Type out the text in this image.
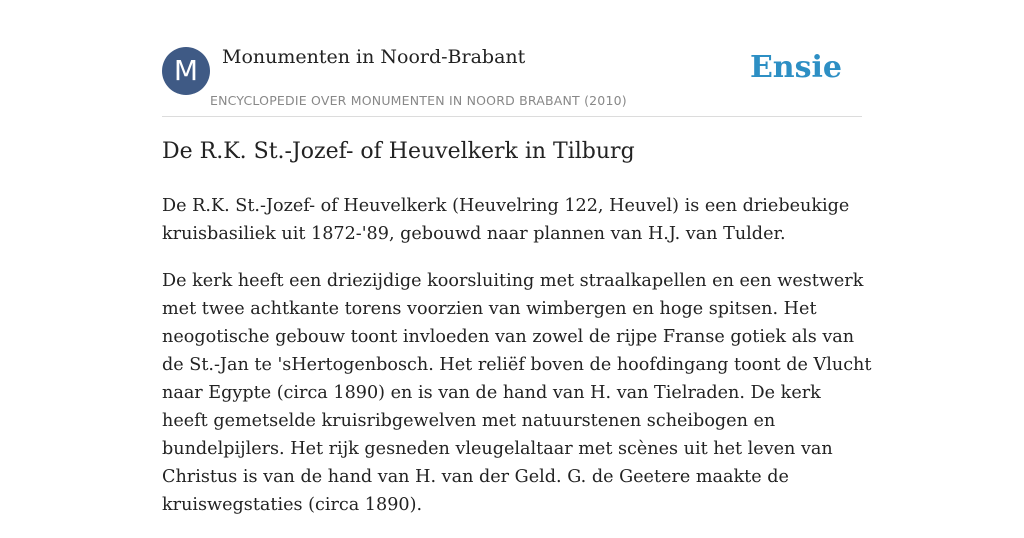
M	Monumenten in Noord-Brabant
ENCYCLOPEDIE OVER MONUMENTEN IN NOORD BRABANT (2010)
Ensie
De R.K. St.-Jozef- of Heuvelkerk in Tilburg

De R.K. St.-Jozef- of Heuvelkerk (Heuvelring 122, Heuvel) is een driebeukige kruisbasiliek uit 1872-'89, gebouwd naar plannen van H.J. van Tulder.

De kerk heeft een driezijdige koorsluiting met straalkapellen en een westwerk met twee achtkante torens voorzien van wimbergen en hoge spitsen. Het neogotische gebouw toont invloeden van zowel de rijpe Franse gotiek als van de St.-Jan te 'sHertogenbosch. Het reliëf boven de hoofdingang toont de Vlucht naar Egypte (circa 1890) en is van de hand van H. van Tielraden. De kerk heeft gemetselde kruisribgewelven met natuurstenen scheibogen en bundelpijlers. Het rijk gesneden vleugelaltaar met scènes uit het leven van Christus is van de hand van H. van der Geld. G. de Geetere maakte de kruiswegstaties (circa 1890).
